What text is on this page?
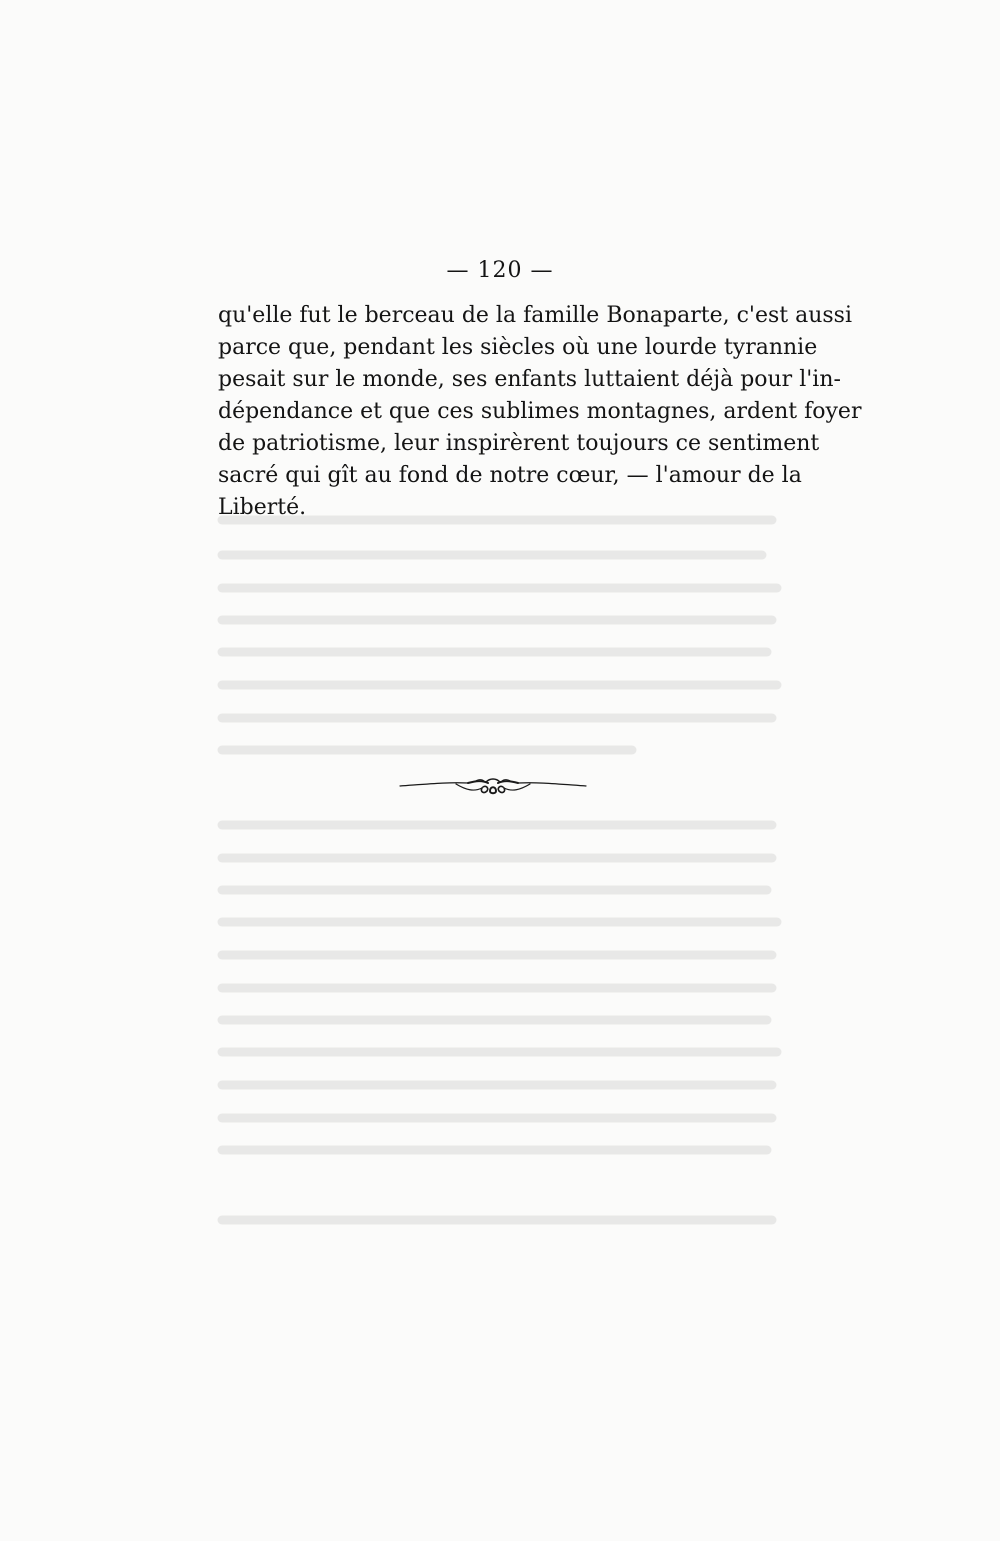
— 120 —
qu'elle fut le berceau de la famille Bonaparte, c'est aussi
parce que, pendant les siècles où une lourde tyrannie
pesait sur le monde, ses enfants luttaient déjà pour l'in-
dépendance et que ces sublimes montagnes, ardent foyer
de patriotisme, leur inspirèrent toujours ce sentiment
sacré qui gît au fond de notre cœur, — l'amour de la
Liberté.
